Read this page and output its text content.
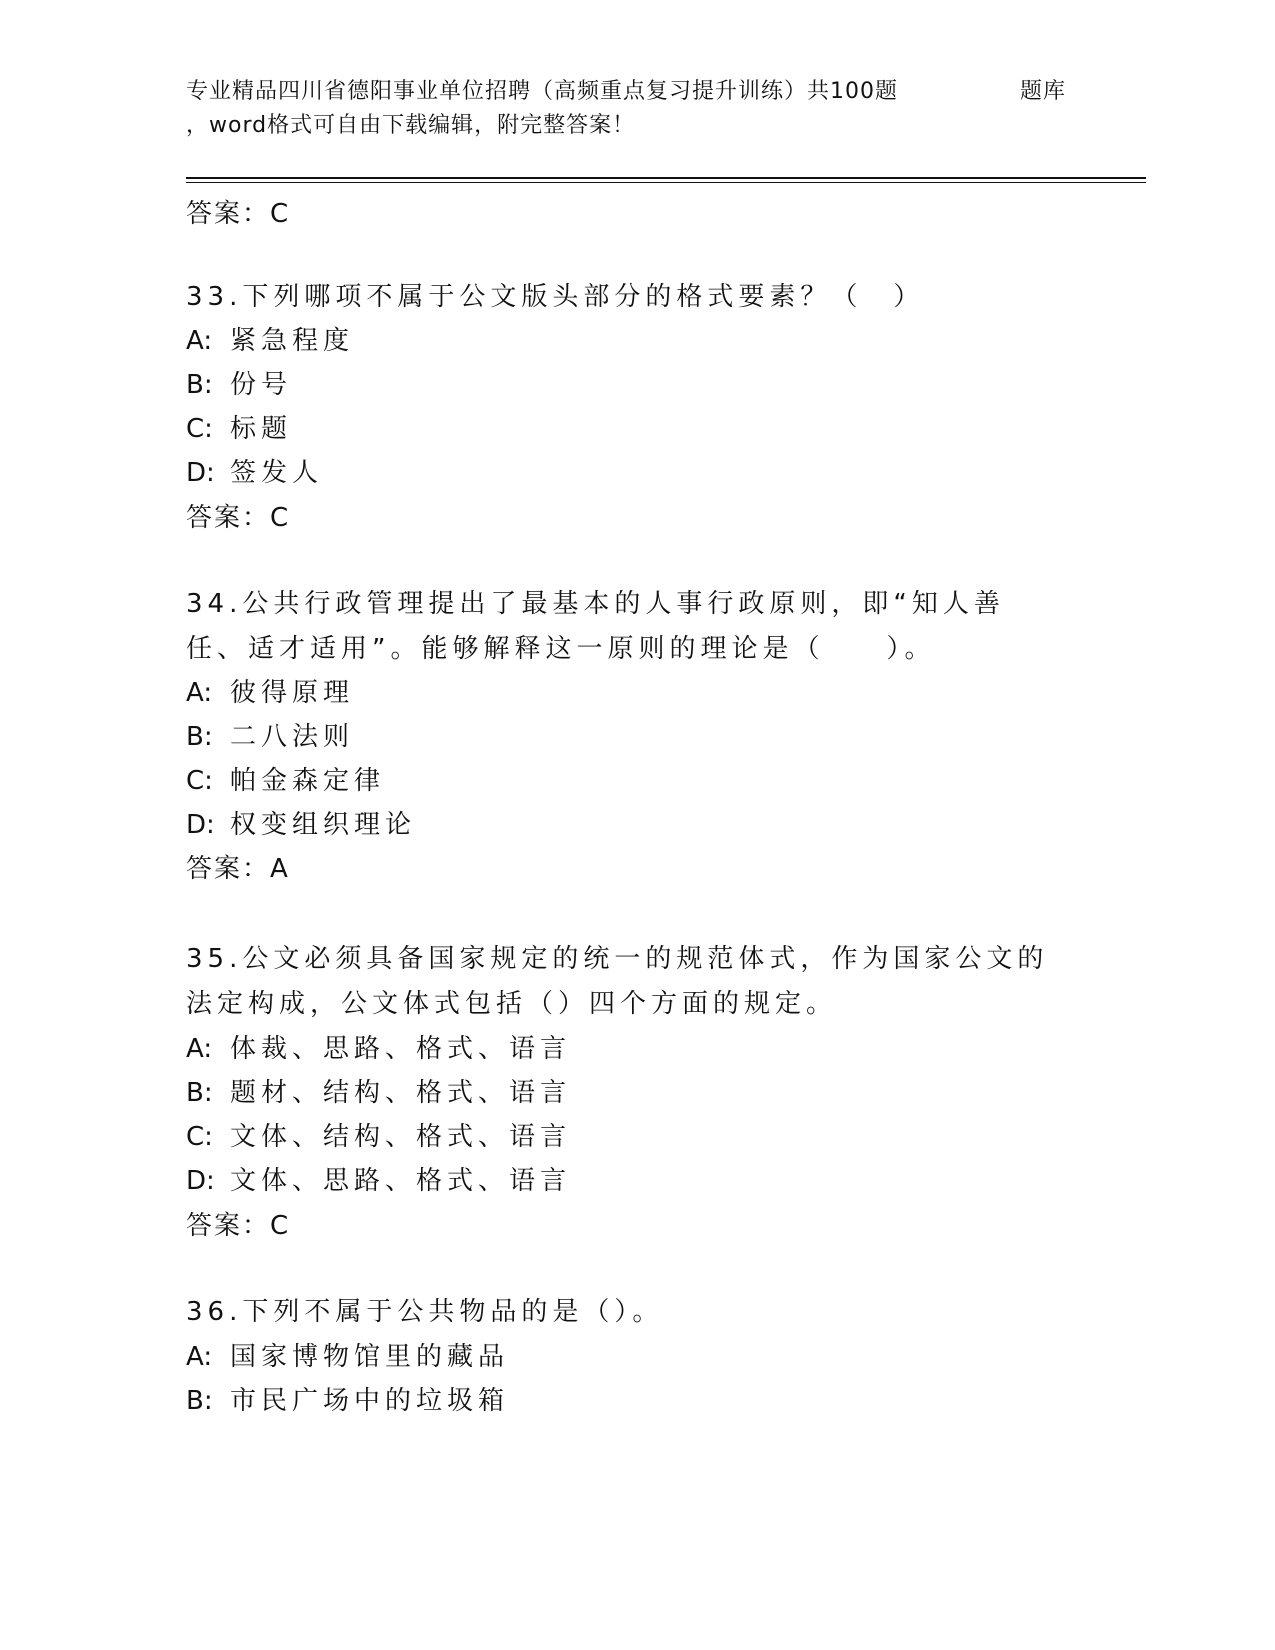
专业精品四川省德阳事业单位招聘（高频重点复习提升训练）共100题	题库
，word格式可自由下载编辑，附完整答案！
答案：C
33.下列哪项不属于公文版头部分的格式要素？（　）
A: 紧急程度
B: 份号
C: 标题
D: 签发人
答案：C
34.公共行政管理提出了最基本的人事行政原则，即“知人善任、适才适用”。能够解释这一原则的理论是（　　）。
A: 彼得原理
B: 二八法则
C: 帕金森定律
D: 权变组织理论
答案：A
35.公文必须具备国家规定的统一的规范体式，作为国家公文的法定构成，公文体式包括（）四个方面的规定。
A: 体裁、思路、格式、语言
B: 题材、结构、格式、语言
C: 文体、结构、格式、语言
D: 文体、思路、格式、语言
答案：C
36.下列不属于公共物品的是（）。
A: 国家博物馆里的藏品
B: 市民广场中的垃圾箱
